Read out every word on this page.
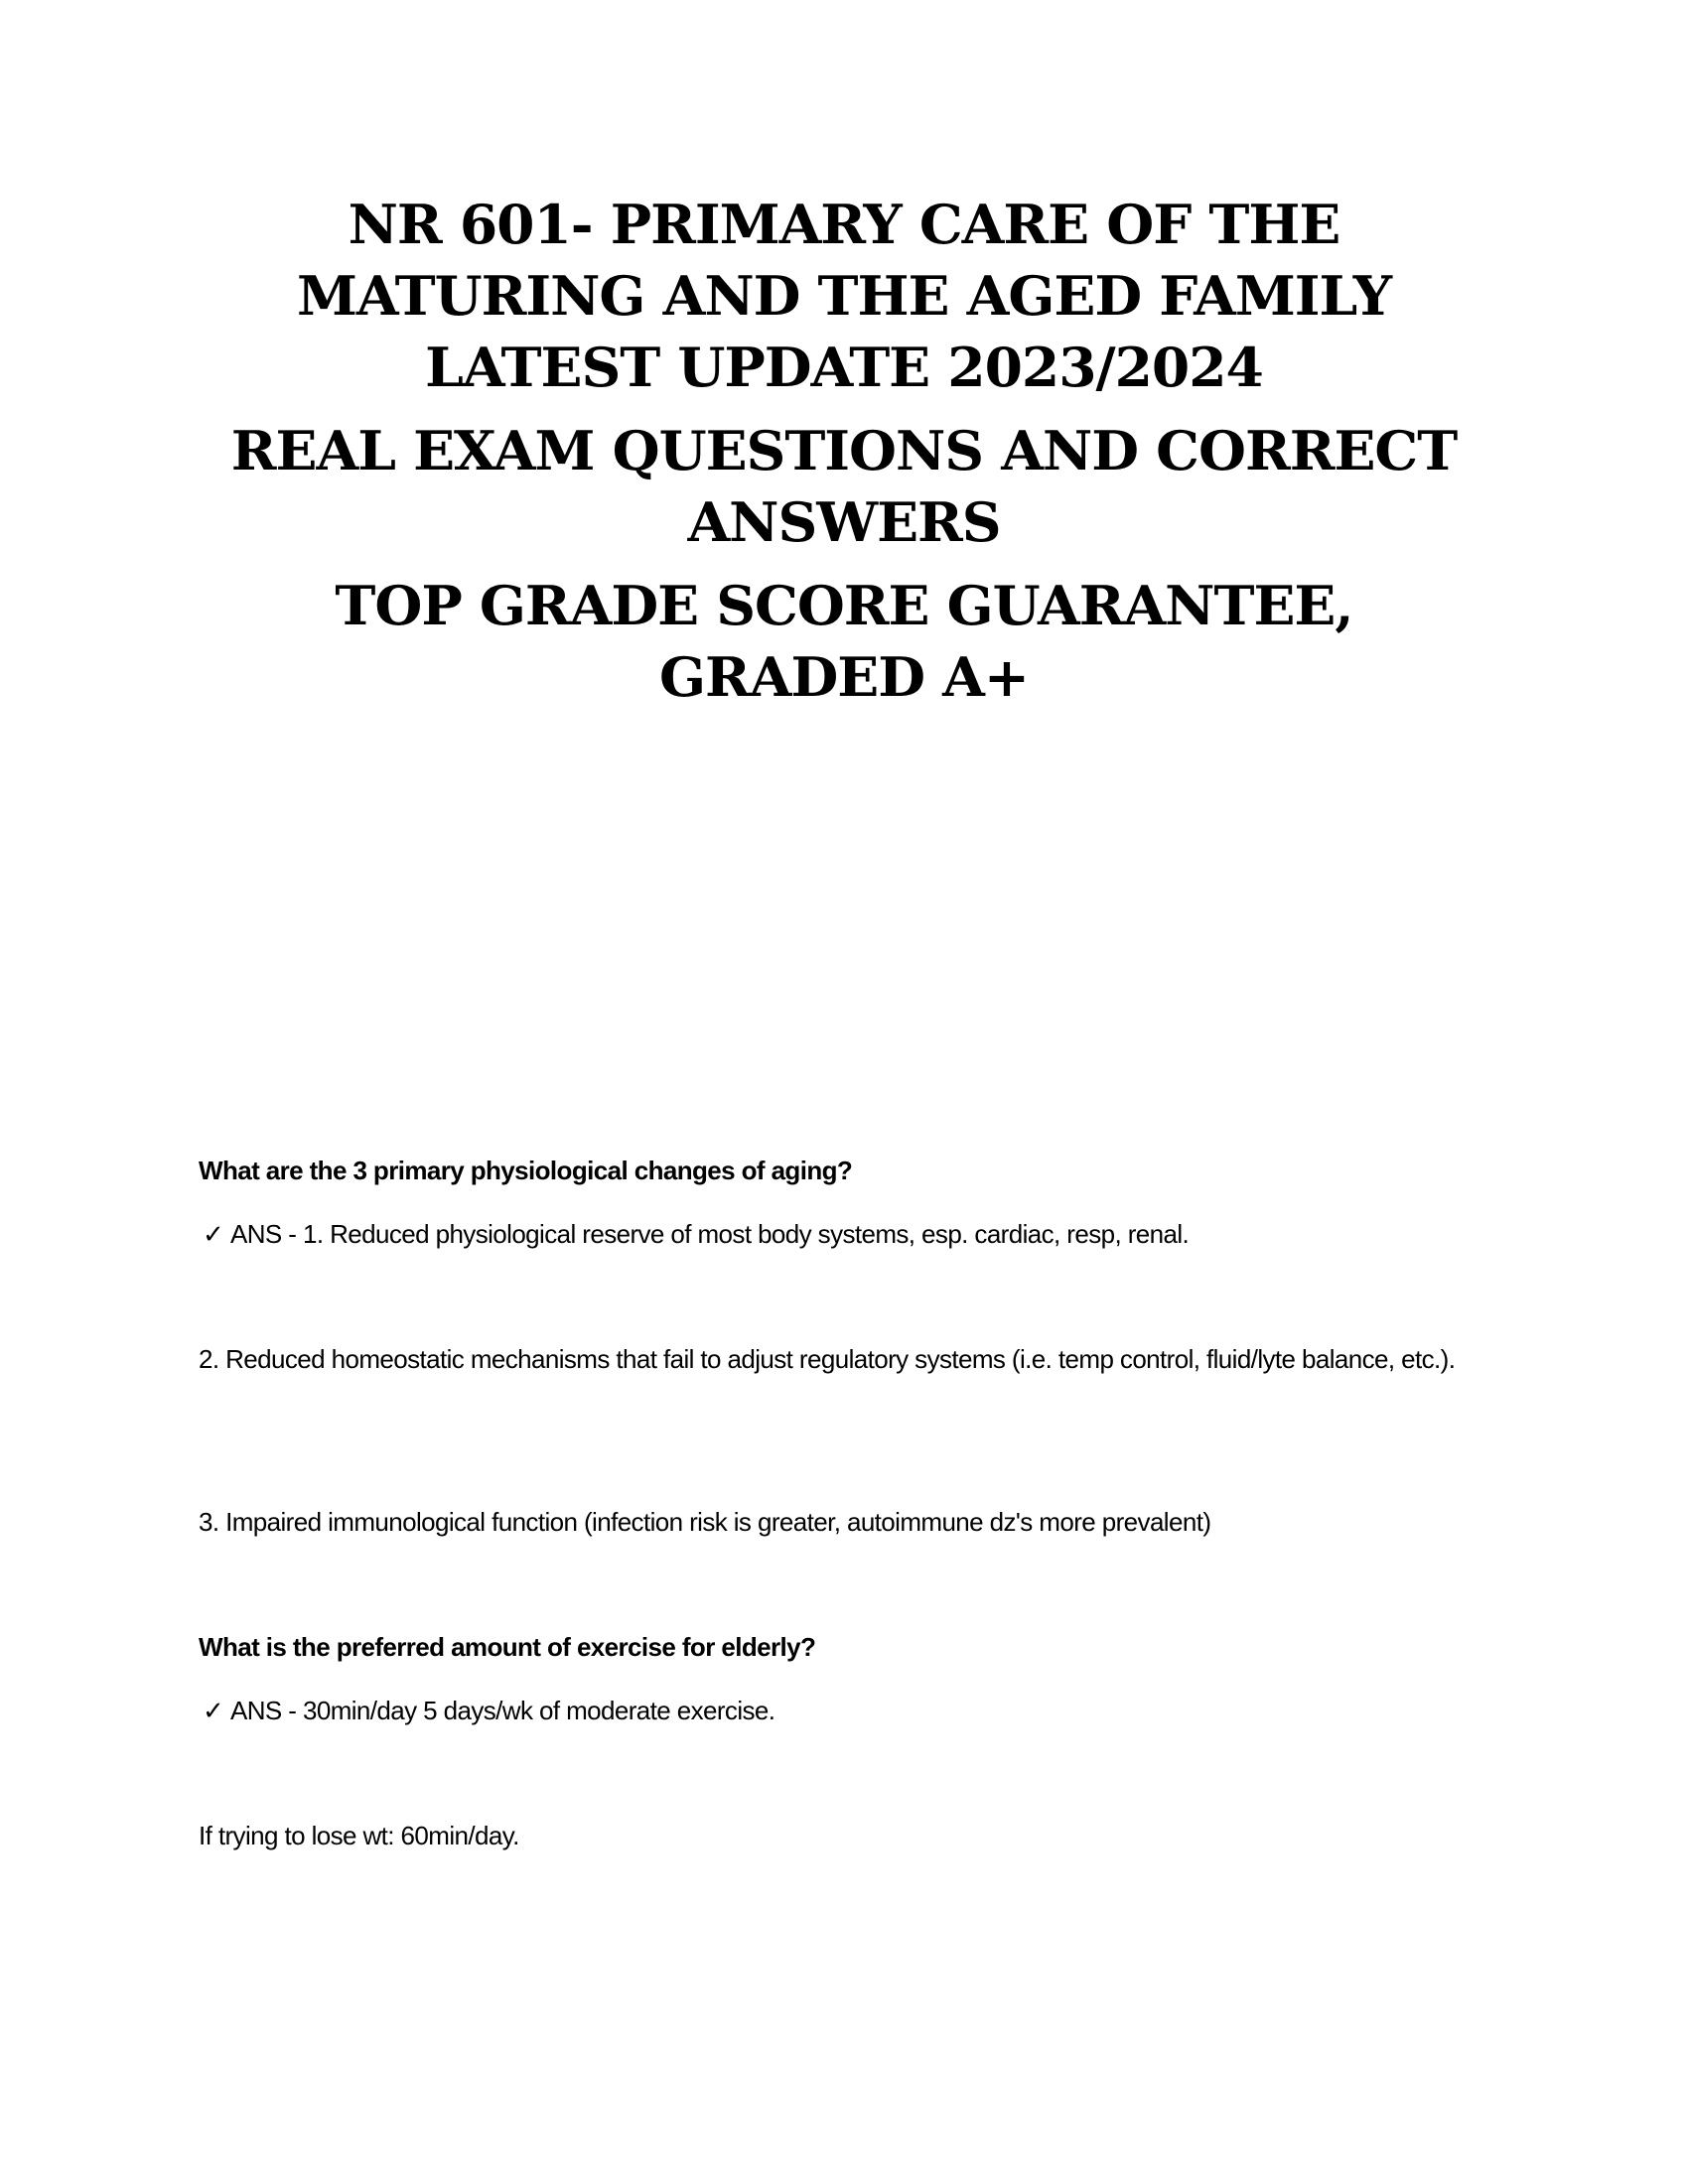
NR 601- PRIMARY CARE OF THE
MATURING AND THE AGED FAMILY
LATEST UPDATE 2023/2024
REAL EXAM QUESTIONS AND CORRECT
ANSWERS
TOP GRADE SCORE GUARANTEE,
GRADED A+
What are the 3 primary physiological changes of aging?
✓ ANS - 1. Reduced physiological reserve of most body systems, esp. cardiac, resp, renal.
2. Reduced homeostatic mechanisms that fail to adjust regulatory systems (i.e. temp control, fluid/lyte balance, etc.).
3. Impaired immunological function (infection risk is greater, autoimmune dz's more prevalent)
What is the preferred amount of exercise for elderly?
✓ ANS - 30min/day 5 days/wk of moderate exercise.
If trying to lose wt: 60min/day.
